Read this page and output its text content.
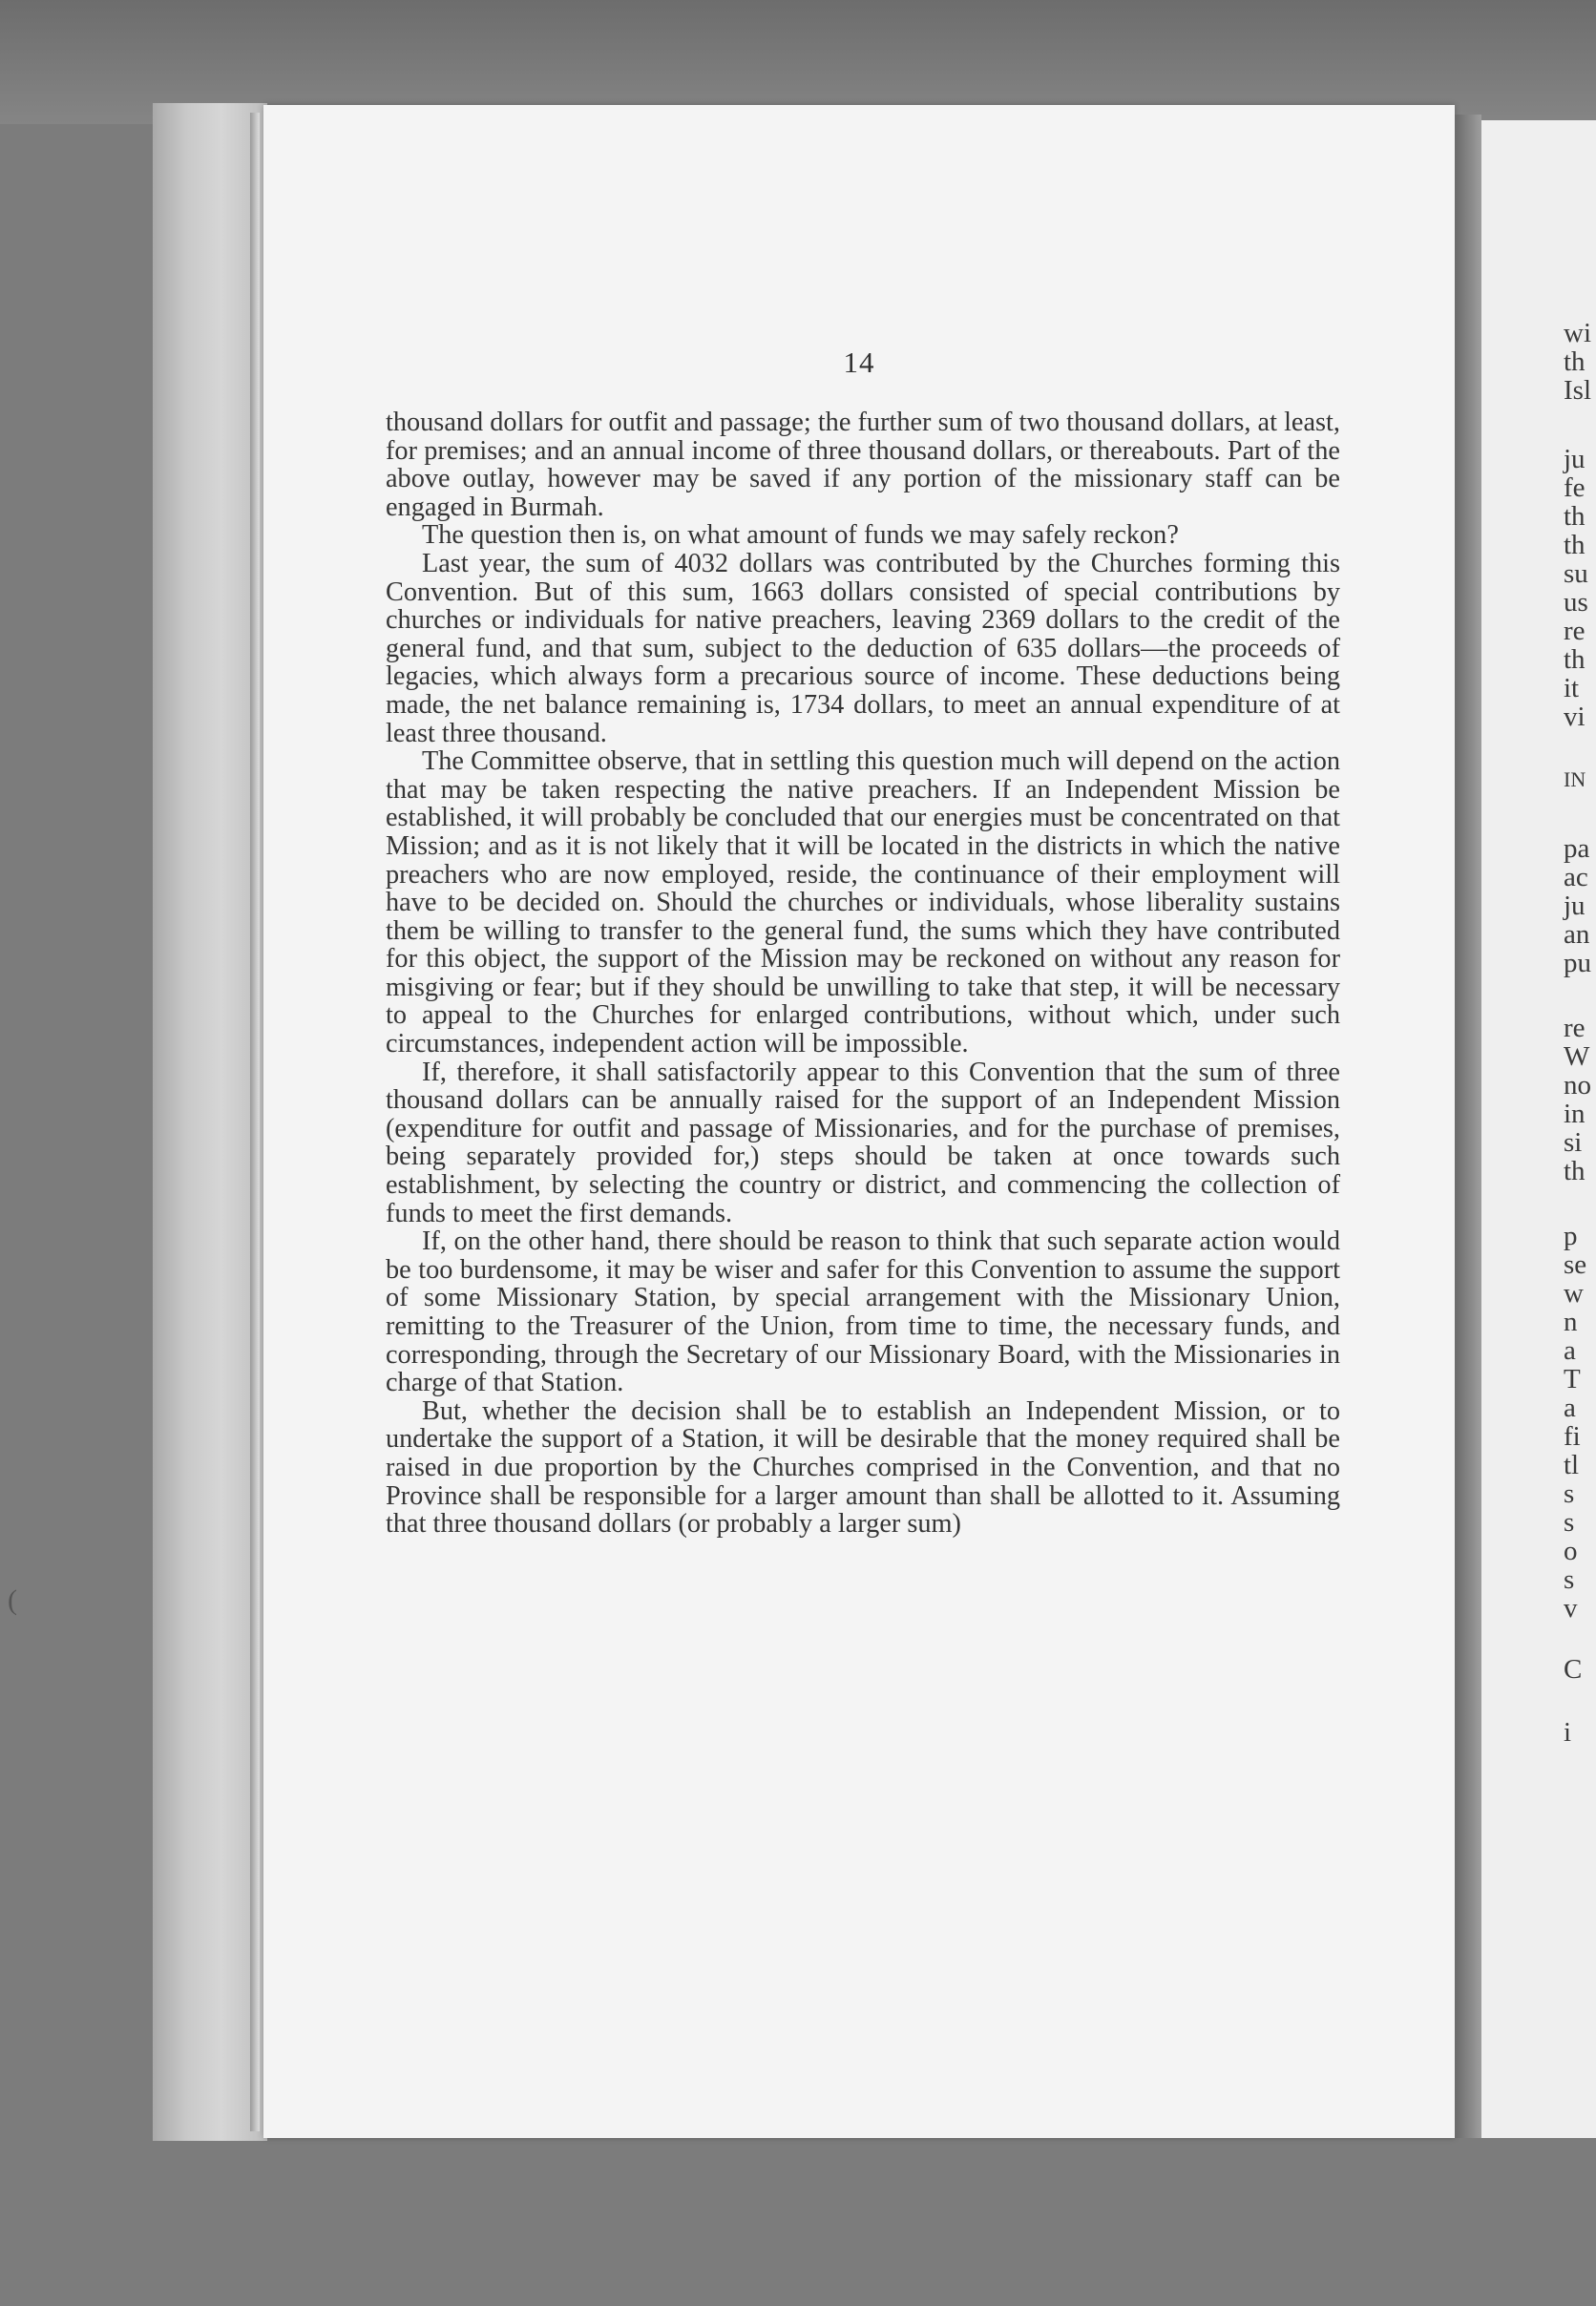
14

thousand dollars for outfit and passage; the further sum of two thousand dollars, at least, for premises; and an annual income of three thousand dollars, or thereabouts. Part of the above outlay, however may be saved if any portion of the missionary staff can be engaged in Burmah.

The question then is, on what amount of funds we may safely reckon?

Last year, the sum of 4032 dollars was contributed by the Churches forming this Convention. But of this sum, 1663 dollars consisted of special contributions by churches or individuals for native preachers, leaving 2369 dollars to the credit of the general fund, and that sum, subject to the deduction of 635 dollars—the proceeds of legacies, which always form a precarious source of income. These deductions being made, the net balance remaining is, 1734 dollars, to meet an annual expenditure of at least three thousand.

The Committee observe, that in settling this question much will depend on the action that may be taken respecting the native preachers. If an Independent Mission be established, it will probably be concluded that our energies must be concentrated on that Mission; and as it is not likely that it will be located in the districts in which the native preachers who are now employed, reside, the continuance of their employment will have to be decided on. Should the churches or individuals, whose liberality sustains them be willing to transfer to the general fund, the sums which they have contributed for this object, the support of the Mission may be reckoned on without any reason for misgiving or fear; but if they should be unwilling to take that step, it will be necessary to appeal to the Churches for enlarged contributions, without which, under such circumstances, independent action will be impossible.

If, therefore, it shall satisfactorily appear to this Convention that the sum of three thousand dollars can be annually raised for the support of an Independent Mission (expenditure for outfit and passage of Missionaries, and for the purchase of premises, being separately provided for,) steps should be taken at once towards such establishment, by selecting the country or district, and commencing the collection of funds to meet the first demands.

If, on the other hand, there should be reason to think that such separate action would be too burdensome, it may be wiser and safer for this Convention to assume the support of some Missionary Station, by special arrangement with the Missionary Union, remitting to the Treasurer of the Union, from time to time, the necessary funds, and corresponding, through the Secretary of our Missionary Board, with the Missionaries in charge of that Station.

But, whether the decision shall be to establish an Independent Mission, or to undertake the support of a Station, it will be desirable that the money required shall be raised in due proportion by the Churches comprised in the Convention, and that no Province shall be responsible for a larger amount than shall be allotted to it. Assuming that three thousand dollars (or probably a larger sum)

wi
th
Isl
ju
fe
th
th
su
us
re
th
it
vi
IN
pa
ac
ju
an
pu
re
W
no
in
si
th
p
se
w
n
a
T
a
fi
tl
s
s
o
s
v
C
i
(
